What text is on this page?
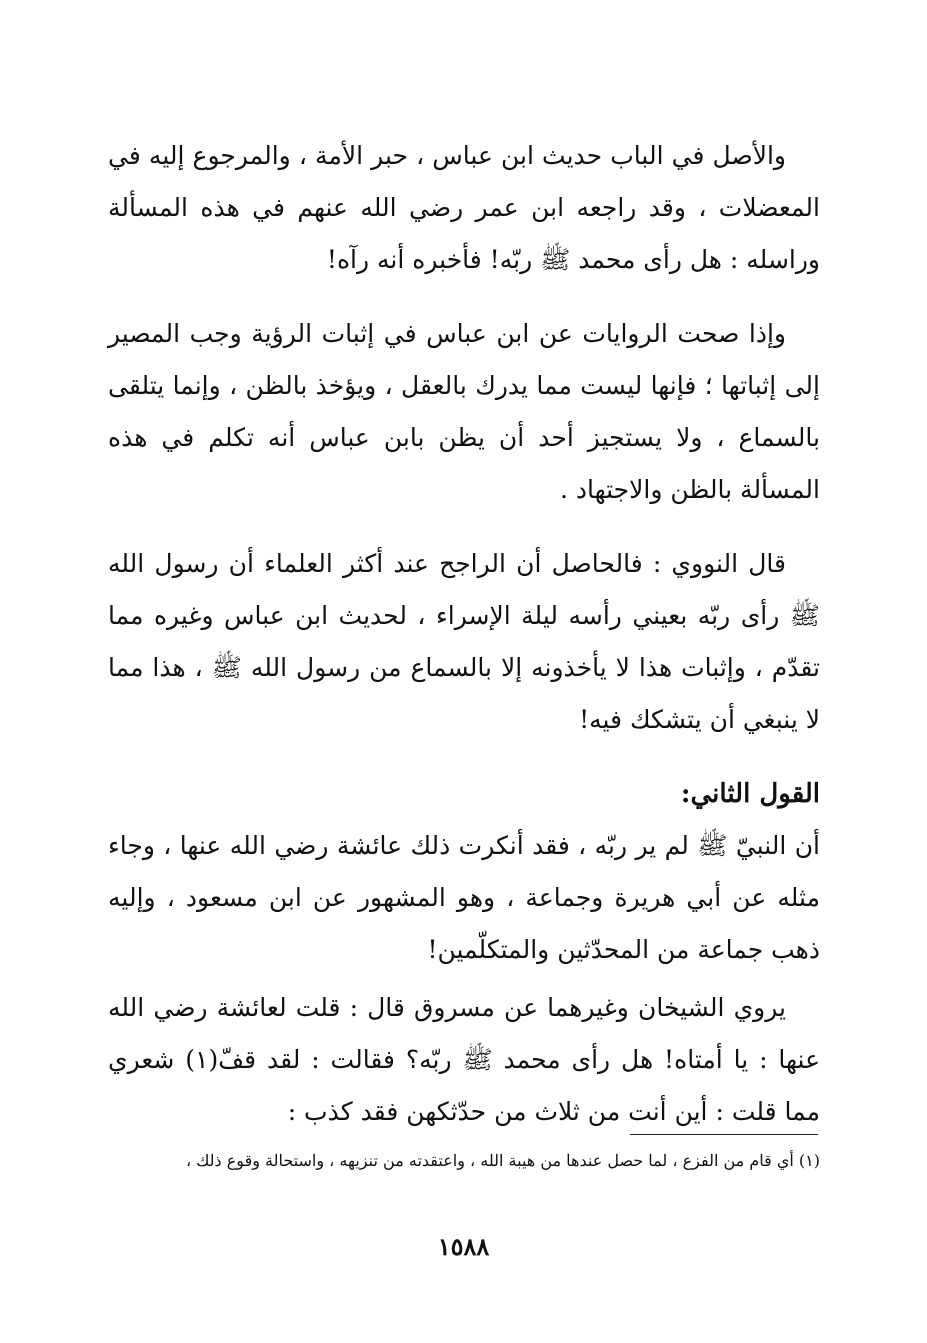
والأصل في الباب حديث ابن عباس ، حبر الأمة ، والمرجوع إليه في المعضلات ، وقد راجعه ابن عمر رضي الله عنهم في هذه المسألة وراسله : هل رأى محمد ﷺ ربّه! فأخبره أنه رآه!

وإذا صحت الروايات عن ابن عباس في إثبات الرؤية وجب المصير إلى إثباتها ؛ فإنها ليست مما يدرك بالعقل ، ويؤخذ بالظن ، وإنما يتلقى بالسماع ، ولا يستجيز أحد أن يظن بابن عباس أنه تكلم في هذه المسألة بالظن والاجتهاد .

قال النووي : فالحاصل أن الراجح عند أكثر العلماء أن رسول الله ﷺ رأى ربّه بعيني رأسه ليلة الإسراء ، لحديث ابن عباس وغيره مما تقدّم ، وإثبات هذا لا يأخذونه إلا بالسماع من رسول الله ﷺ ، هذا مما لا ينبغي أن يتشكك فيه!

القول الثاني:

أن النبيّ ﷺ لم ير ربّه ، فقد أنكرت ذلك عائشة رضي الله عنها ، وجاء مثله عن أبي هريرة وجماعة ، وهو المشهور عن ابن مسعود ، وإليه ذهب جماعة من المحدّثين والمتكلّمين!

يروي الشيخان وغيرهما عن مسروق قال : قلت لعائشة رضي الله عنها : يا أمتاه! هل رأى محمد ﷺ ربّه؟ فقالت : لقد قفّ(١) شعري مما قلت : أين أنت من ثلاث من حدّثكهن فقد كذب :

(١) أي قام من الفزع ، لما حصل عندها من هيبة الله ، واعتقدته من تنزيهه ، واستحالة وقوع ذلك ،
١٥٨٨
